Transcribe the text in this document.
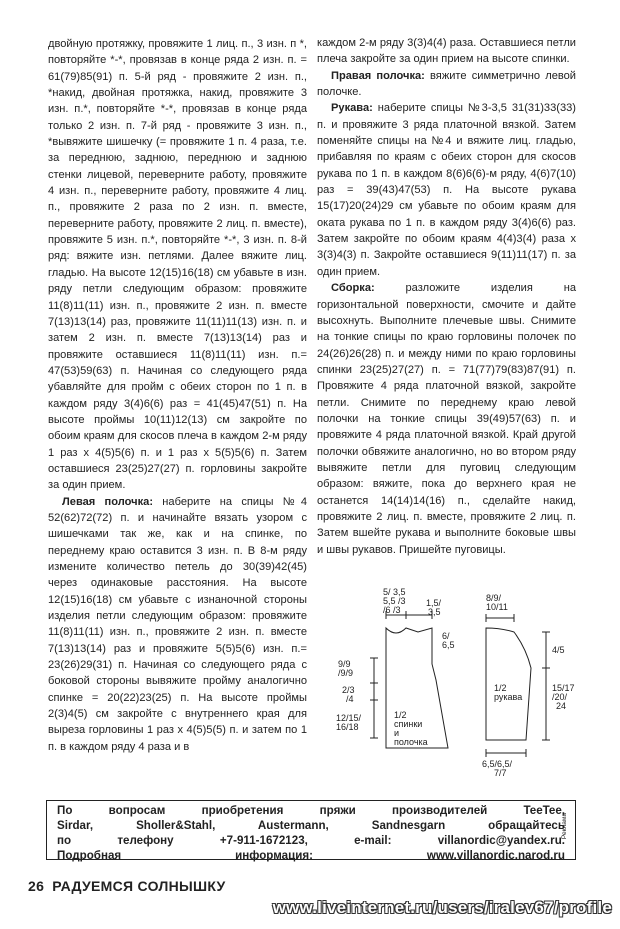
двойную протяжку, провяжите 1 лиц. п., 3 изн. п *, повторяйте *-*, провязав в конце ряда 2 изн. п. = 61(79)85(91) п. 5-й ряд - провяжите 2 изн. п., *накид, двойная протяжка, накид, провяжите 3 изн. п.*, повторяйте *-*, провязав в конце ряда только 2 изн. п. 7-й ряд - провяжите 3 изн. п., *вывяжите шишечку (= провяжите 1 п. 4 раза, т.е. за переднюю, заднюю, переднюю и заднюю стенки лицевой, переверните работу, провяжите 4 изн. п., переверните работу, провяжите 4 лиц. п., провяжите 2 раза по 2 изн. п. вместе, переверните работу, провяжите 2 лиц. п. вместе), провяжите 5 изн. п.*, повторяйте *-*, 3 изн. п. 8-й ряд: вяжите изн. петлями. Далее вяжите лиц. гладью. На высоте 12(15)16(18) см убавьте в изн. ряду петли следующим образом: провяжите 11(8)11(11) изн. п., провяжите 2 изн. п. вместе 7(13)13(14) раз, провяжите 11(11)11(13) изн. п. и затем 2 изн. п. вместе 7(13)13(14) раз и провяжите оставшиеся 11(8)11(11) изн. п.= 47(53)59(63) п. Начиная со следующего ряда убавляйте для пройм с обеих сторон по 1 п. в каждом ряду 3(4)6(6) раз = 41(45)47(51) п. На высоте проймы 10(11)12(13) см закройте по обоим краям для скосов плеча в каждом 2-м ряду 1 раз х 4(5)5(6) п. и 1 раз х 5(5)5(6) п. Затем оставшиеся 23(25)27(27) п. горловины закройте за один прием.

Левая полочка: наберите на спицы №4 52(62)72(72) п. и начинайте вязать узором с шишечками так же, как и на спинке, по переднему краю оставится 3 изн. п. В 8-м ряду измените количество петель до 30(39)42(45) через одинаковые расстояния. На высоте 12(15)16(18) см убавьте с изнаночной стороны изделия петли следующим образом: провяжите 11(8)11(11) изн. п., провяжите 2 изн. п. вместе 7(13)13(14) раз и провяжите 5(5)5(6) изн. п.= 23(26)29(31) п. Начиная со следующего ряда с боковой стороны вывяжите пройму аналогично спинке = 20(22)23(25) п. На высоте проймы 2(3)4(5) см закройте с внутреннего края для выреза горловины 1 раз х 4(5)5(5) п. и затем по 1 п. в каждом ряду 4 раза и в

каждом 2-м ряду 3(3)4(4) раза. Оставшиеся петли плеча закройте за один прием на высоте спинки.

Правая полочка: вяжите симметрично левой полочке.

Рукава: наберите спицы №3-3,5 31(31)33(33) п. и провяжите 3 ряда платочной вязкой. Затем поменяйте спицы на №4 и вяжите лиц. гладью, прибавляя по краям с обеих сторон для скосов рукава по 1 п. в каждом 8(6)6(6)-м ряду, 4(6)7(10) раз = 39(43)47(53) п. На высоте рукава 15(17)20(24)29 см убавьте по обоим краям для оката рукава по 1 п. в каждом ряду 3(4)6(6) раз. Затем закройте по обоим краям 4(4)3(4) раза х 3(3)4(3) п. Закройте оставшиеся 9(11)11(17) п. за один прием.

Сборка: разложите изделия на горизонтальной поверхности, смочите и дайте высохнуть. Выполните плечевые швы. Снимите на тонкие спицы по краю горловины полочек по 24(26)26(28) п. и между ними по краю горловины спинки 23(25)27(27) п. = 71(77)79(83)87(91) п. Провяжите 4 ряда платочной вязкой, закройте петли. Снимите по переднему краю левой полочки на тонкие спицы 39(49)57(63) п. и провяжите 4 ряда платочной вязкой. Край другой полочки обвяжите аналогично, но во втором ряду вывяжите петли для пуговиц следующим образом: вяжите, пока до верхнего края не останется 14(14)14(16) п., сделайте накид, провяжите 2 лиц. п. вместе, провяжите 2 лиц. п. Затем вшейте рукава и выполните боковые швы и швы рукавов. Пришейте пуговицы.

5/ 3,5
5,5 /3
/6 /3
1,5/
3,5
6/
6,5
9/9
/9/9
2/3
/4
12/15/
16/18
1/2
спинки
и
полочка
8/9/
10/11
4/5
15/17
/20/
24
1/2
рукава
6,5/6,5/
7/7
По вопросам приобретения пряжи производителей TeeTee,
Sirdar, Sholler&Stahl, Austermann, Sandnesgarn обращайтесь
по телефону +7-911-1672123, e-mail: villanordic@yandex.ru.
Подробная информация: www.villanordic.narod.ru
Реклама
26 РАДУЕМСЯ СОЛНЫШКУ
www.liveinternet.ru/users/iralev67/profile
